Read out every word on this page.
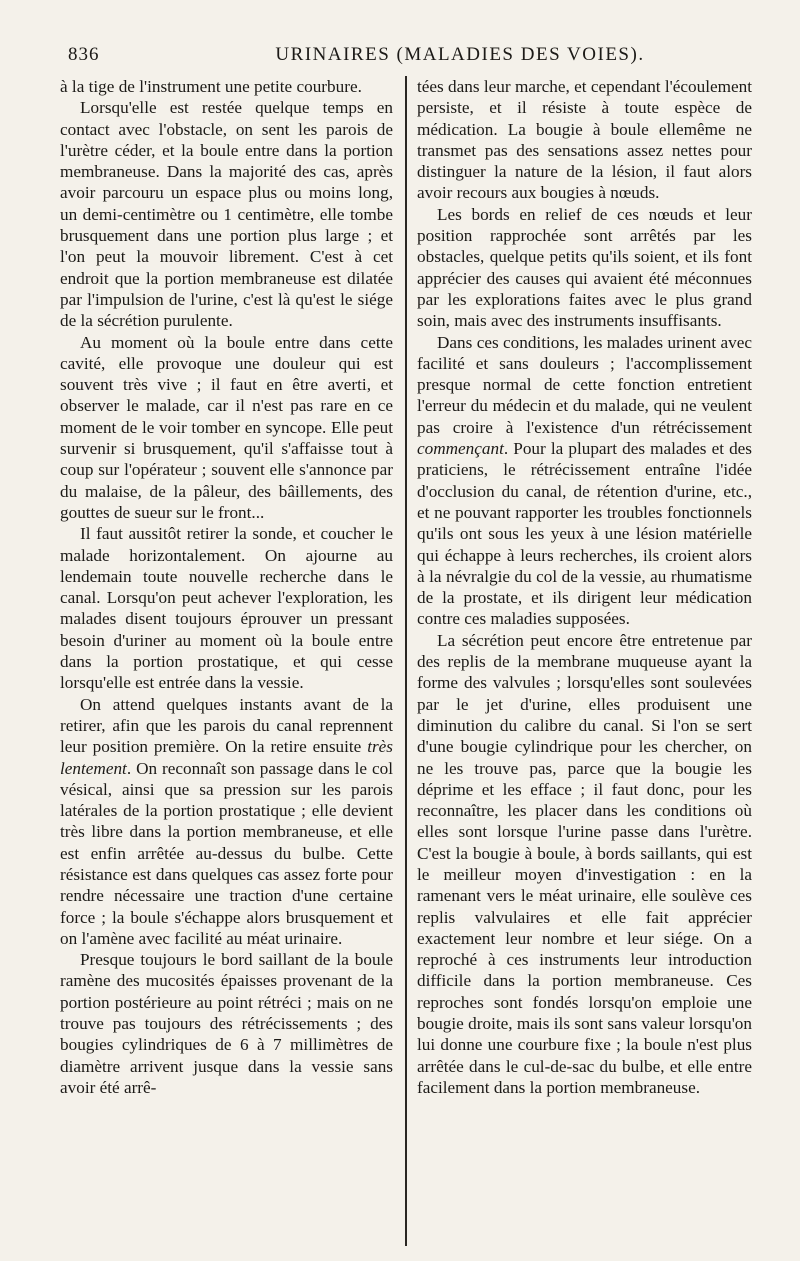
836	URINAIRES (MALADIES DES VOIES).

à la tige de l'instrument une petite courbure.

Lorsqu'elle est restée quelque temps en contact avec l'obstacle, on sent les parois de l'urètre céder, et la boule entre dans la portion membraneuse. Dans la majorité des cas, après avoir parcouru un espace plus ou moins long, un demi-centimètre ou 1 centimètre, elle tombe brusquement dans une portion plus large ; et l'on peut la mouvoir librement. C'est à cet endroit que la portion membraneuse est dilatée par l'impulsion de l'urine, c'est là qu'est le siége de la sécrétion purulente.

Au moment où la boule entre dans cette cavité, elle provoque une douleur qui est souvent très vive ; il faut en être averti, et observer le malade, car il n'est pas rare en ce moment de le voir tomber en syncope. Elle peut survenir si brusquement, qu'il s'affaisse tout à coup sur l'opérateur ; souvent elle s'annonce par du malaise, de la pâleur, des bâillements, des gouttes de sueur sur le front...

Il faut aussitôt retirer la sonde, et coucher le malade horizontalement. On ajourne au lendemain toute nouvelle recherche dans le canal. Lorsqu'on peut achever l'exploration, les malades disent toujours éprouver un pressant besoin d'uriner au moment où la boule entre dans la portion prostatique, et qui cesse lorsqu'elle est entrée dans la vessie.

On attend quelques instants avant de la retirer, afin que les parois du canal reprennent leur position première. On la retire ensuite très lentement. On reconnaît son passage dans le col vésical, ainsi que sa pression sur les parois latérales de la portion prostatique ; elle devient très libre dans la portion membraneuse, et elle est enfin arrêtée au-dessus du bulbe. Cette résistance est dans quelques cas assez forte pour rendre nécessaire une traction d'une certaine force ; la boule s'échappe alors brusquement et on l'amène avec facilité au méat urinaire.

Presque toujours le bord saillant de la boule ramène des mucosités épaisses provenant de la portion postérieure au point rétréci ; mais on ne trouve pas toujours des rétrécissements ; des bougies cylindriques de 6 à 7 millimètres de diamètre arrivent jusque dans la vessie sans avoir été arrê-

tées dans leur marche, et cependant l'écoulement persiste, et il résiste à toute espèce de médication. La bougie à boule ellemême ne transmet pas des sensations assez nettes pour distinguer la nature de la lésion, il faut alors avoir recours aux bougies à nœuds.

Les bords en relief de ces nœuds et leur position rapprochée sont arrêtés par les obstacles, quelque petits qu'ils soient, et ils font apprécier des causes qui avaient été méconnues par les explorations faites avec le plus grand soin, mais avec des instruments insuffisants.

Dans ces conditions, les malades urinent avec facilité et sans douleurs ; l'accomplissement presque normal de cette fonction entretient l'erreur du médecin et du malade, qui ne veulent pas croire à l'existence d'un rétrécissement commençant. Pour la plupart des malades et des praticiens, le rétrécissement entraîne l'idée d'occlusion du canal, de rétention d'urine, etc., et ne pouvant rapporter les troubles fonctionnels qu'ils ont sous les yeux à une lésion matérielle qui échappe à leurs recherches, ils croient alors à la névralgie du col de la vessie, au rhumatisme de la prostate, et ils dirigent leur médication contre ces maladies supposées.

La sécrétion peut encore être entretenue par des replis de la membrane muqueuse ayant la forme des valvules ; lorsqu'elles sont soulevées par le jet d'urine, elles produisent une diminution du calibre du canal. Si l'on se sert d'une bougie cylindrique pour les chercher, on ne les trouve pas, parce que la bougie les déprime et les efface ; il faut donc, pour les reconnaître, les placer dans les conditions où elles sont lorsque l'urine passe dans l'urètre. C'est la bougie à boule, à bords saillants, qui est le meilleur moyen d'investigation : en la ramenant vers le méat urinaire, elle soulève ces replis valvulaires et elle fait apprécier exactement leur nombre et leur siége. On a reproché à ces instruments leur introduction difficile dans la portion membraneuse. Ces reproches sont fondés lorsqu'on emploie une bougie droite, mais ils sont sans valeur lorsqu'on lui donne une courbure fixe ; la boule n'est plus arrêtée dans le cul-de-sac du bulbe, et elle entre facilement dans la portion membraneuse.
